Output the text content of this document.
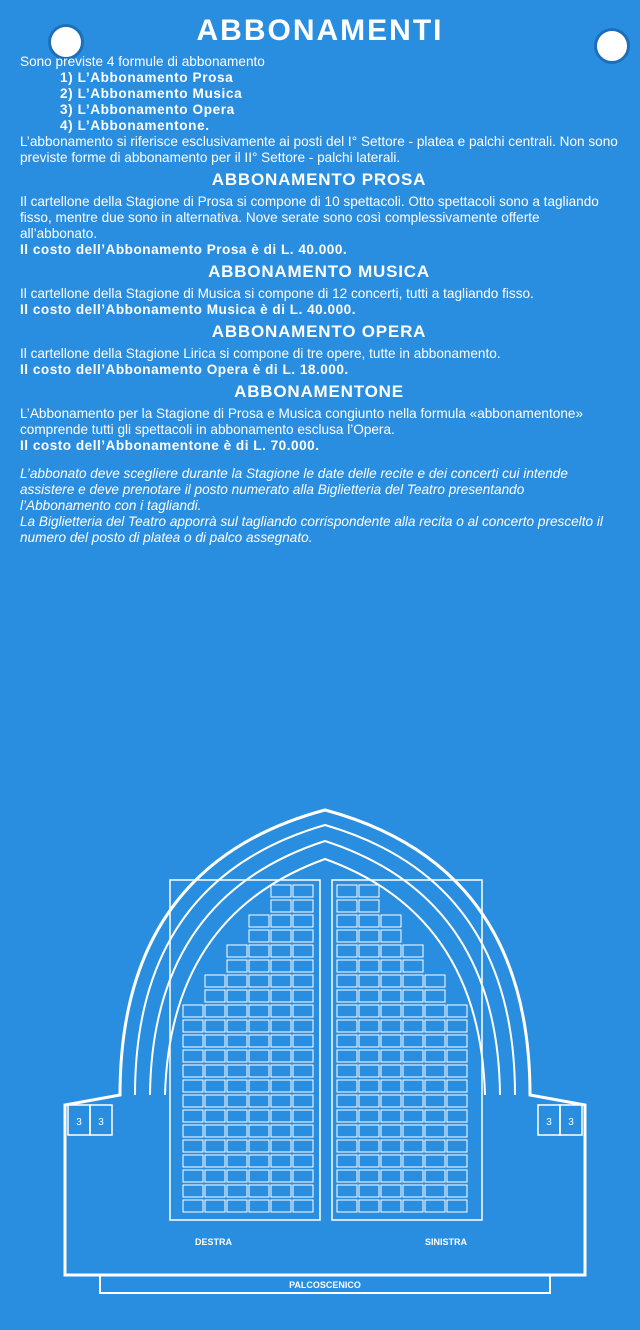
ABBONAMENTI

Sono previste 4 formule di abbonamento

1) L’Abbonamento Prosa
2) L’Abbonamento Musica
3) L’Abbonamento Opera
4) L’Abbonamentone.

L’abbonamento si riferisce esclusivamente ai posti del I° Settore - platea e palchi centrali. Non sono previste forme di abbonamento per il II° Settore - palchi laterali.

ABBONAMENTO PROSA

Il cartellone della Stagione di Prosa si compone di 10 spettacoli. Otto spettacoli sono a tagliando fisso, mentre due sono in alternativa. Nove serate sono così complessivamente offerte all’abbonato.

Il costo dell’Abbonamento Prosa è di L. 40.000.

ABBONAMENTO MUSICA

Il cartellone della Stagione di Musica si compone di 12 concerti, tutti a tagliando fisso.

Il costo dell’Abbonamento Musica è di L. 40.000.

ABBONAMENTO OPERA

Il cartellone della Stagione Lirica si compone di tre opere, tutte in abbonamento.

Il costo dell’Abbonamento Opera è di L. 18.000.

ABBONAMENTONE

L’Abbonamento per la Stagione di Prosa e Musica congiunto nella formula «abbonamentone» comprende tutti gli spettacoli in abbonamento esclusa l’Opera.

Il costo dell’Abbonamentone è di L. 70.000.

L’abbonato deve scegliere durante la Stagione le date delle recite e dei concerti cui intende assistere e deve prenotare il posto numerato alla Biglietteria del Teatro presentando l’Abbonamento con i tagliandi.

La Biglietteria del Teatro apporrà sul tagliando corrispondente alla recita o al concerto prescelto il numero del posto di platea o di palco assegnato.

3 3	3 3
DESTRA	SINISTRA
PALCOSCENICO
